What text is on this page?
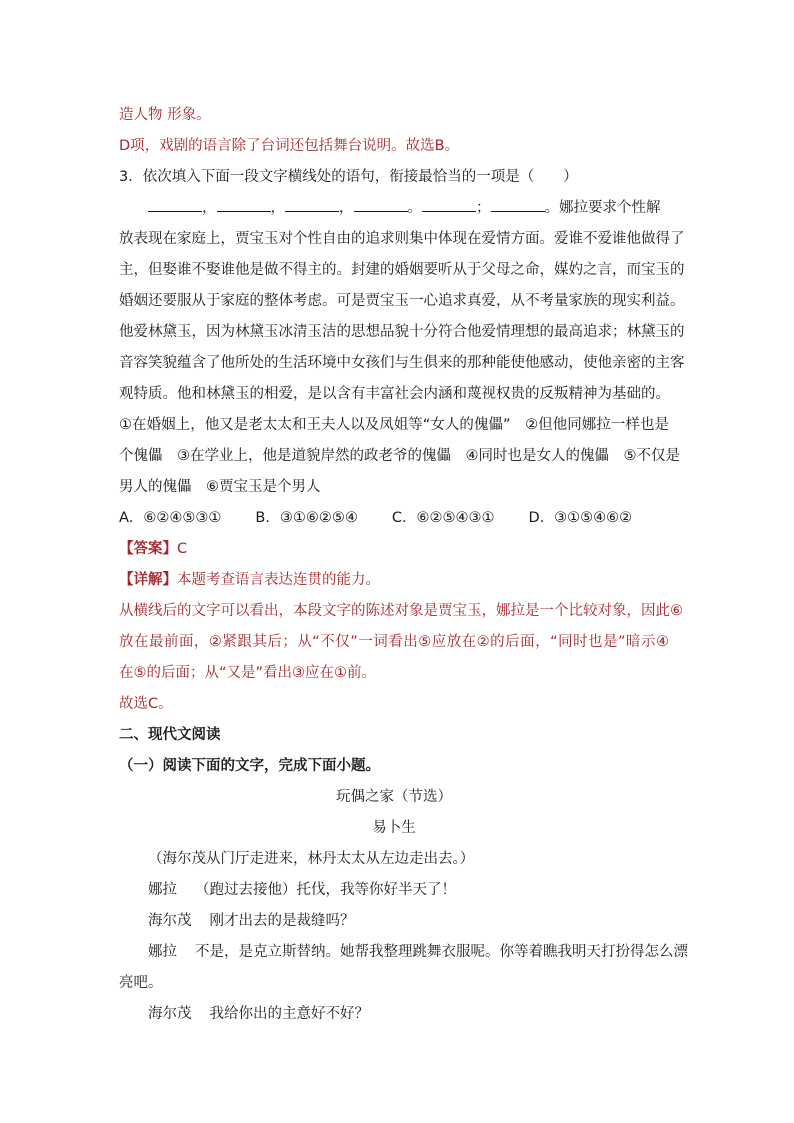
造人物 形象。
D项，戏剧的语言除了台词还包括舞台说明。故选B。
3．依次填入下面一段文字横线处的语句，衔接最恰当的一项是（　　）
，	，	，	。	；	。娜拉要求个性解
放表现在家庭上，贾宝玉对个性自由的追求则集中体现在爱情方面。爱谁不爱谁他做得了
主，但娶谁不娶谁他是做不得主的。封建的婚姻要听从于父母之命，媒妁之言，而宝玉的
婚姻还要服从于家庭的整体考虑。可是贾宝玉一心追求真爱，从不考量家族的现实利益。
他爱林黛玉，因为林黛玉冰清玉洁的思想品貌十分符合他爱情理想的最高追求；林黛玉的
音容笑貌蕴含了他所处的生活环境中女孩们与生俱来的那种能使他感动，使他亲密的主客
观特质。他和林黛玉的相爱，是以含有丰富社会内涵和蔑视权贵的反叛精神为基础的。
①在婚姻上，他又是老太太和王夫人以及凤姐等“女人的傀儡”　②但他同娜拉一样也是
个傀儡　③在学业上，他是道貌岸然的政老爷的傀儡　④同时也是女人的傀儡　⑤不仅是
男人的傀儡　⑥贾宝玉是个男人
A．⑥②④⑤③① B．③①⑥②⑤④ C．⑥②⑤④③① D．③①⑤④⑥②
【答案】C
【详解】本题考查语言表达连贯的能力。
从横线后的文字可以看出，本段文字的陈述对象是贾宝玉，娜拉是一个比较对象，因此⑥
放在最前面，②紧跟其后；从“不仅”一词看出⑤应放在②的后面，“同时也是”暗示④
在⑤的后面；从“又是”看出③应在①前。
故选C。
二、现代文阅读
（一）阅读下面的文字，完成下面小题。
玩偶之家（节选）
易卜生
（海尔茂从门厅走进来，林丹太太从左边走出去。）
娜拉 （跑过去接他）托伐，我等你好半天了！
海尔茂 刚才出去的是裁缝吗？
娜拉 不是，是克立斯替纳。她帮我整理跳舞衣服呢。你等着瞧我明天打扮得怎么漂
亮吧。
海尔茂 我给你出的主意好不好？
